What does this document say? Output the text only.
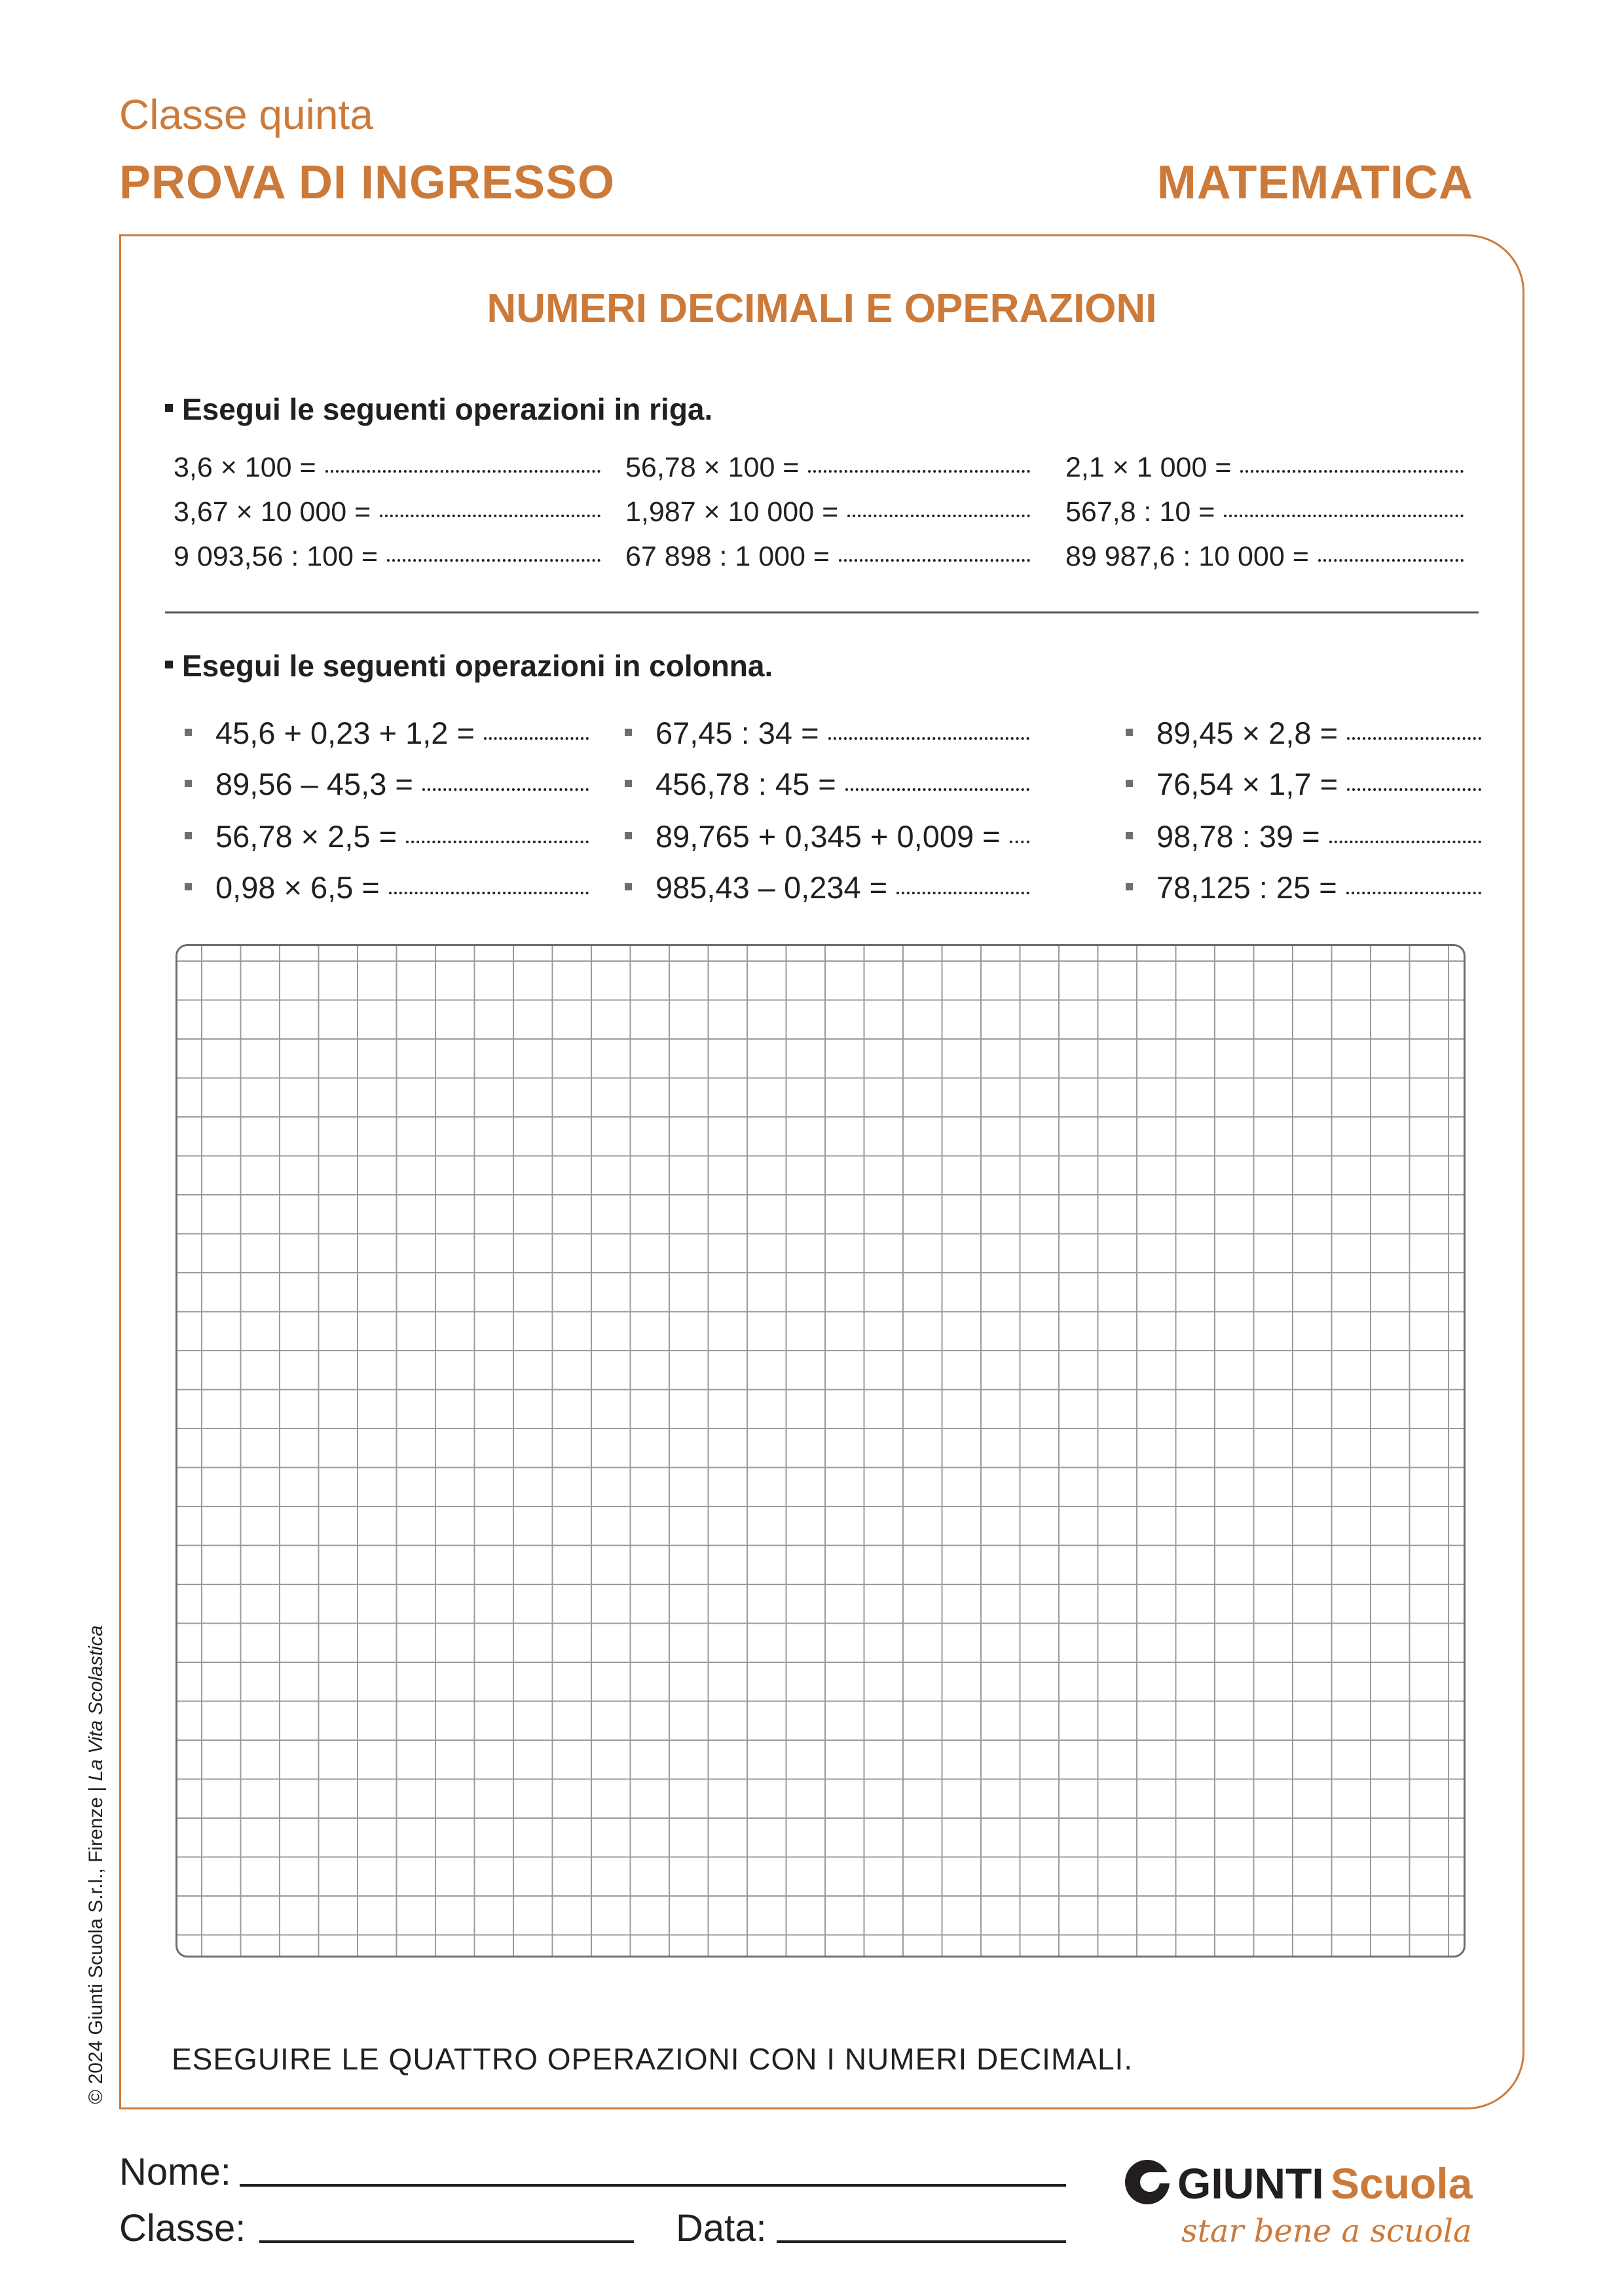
Classe quinta
PROVA DI INGRESSO	MATEMATICA
NUMERI DECIMALI E OPERAZIONI
Esegui le seguenti operazioni in riga.
3,6 × 100 =	56,78 × 100 =	2,1 × 1 000 =
3,67 × 10 000 =	1,987 × 10 000 =	567,8 : 10 =
9 093,56 : 100 =	67 898 : 1 000 =	89 987,6 : 10 000 =
Esegui le seguenti operazioni in colonna.
45,6 + 0,23 + 1,2 =	67,45 : 34 =	89,45 × 2,8 =
89,56 – 45,3 =	456,78 : 45 =	76,54 × 1,7 =
56,78 × 2,5 =	89,765 + 0,345 + 0,009 =	98,78 : 39 =
0,98 × 6,5 =	985,43 – 0,234 =	78,125 : 25 =
ESEGUIRE LE QUATTRO OPERAZIONI CON I NUMERI DECIMALI.
© 2024 Giunti Scuola S.r.l., Firenze | La Vita Scolastica
Nome:
Classe:	Data:
GIUNTI Scuola
star bene a scuola
